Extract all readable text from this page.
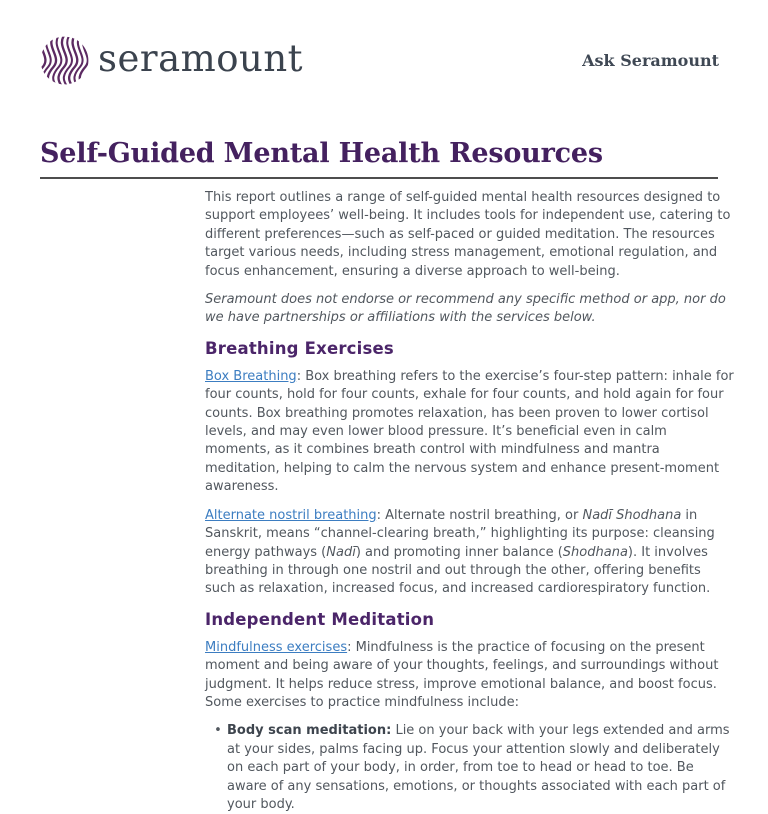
seramount	Ask Seramount
Self-Guided Mental Health Resources

This report outlines a range of self-guided mental health resources designed to support employees’ well-being. It includes tools for independent use, catering to different preferences—such as self-paced or guided meditation. The resources target various needs, including stress management, emotional regulation, and focus enhancement, ensuring a diverse approach to well-being.

Seramount does not endorse or recommend any specific method or app, nor do we have partnerships or affiliations with the services below.

Breathing Exercises

Box Breathing: Box breathing refers to the exercise’s four-step pattern: inhale for four counts, hold for four counts, exhale for four counts, and hold again for four counts. Box breathing promotes relaxation, has been proven to lower cortisol levels, and may even lower blood pressure. It’s beneficial even in calm moments, as it combines breath control with mindfulness and mantra meditation, helping to calm the nervous system and enhance present-moment awareness.

Alternate nostril breathing: Alternate nostril breathing, or Nadī Shodhana in Sanskrit, means “channel-clearing breath,” highlighting its purpose: cleansing energy pathways (Nadī) and promoting inner balance (Shodhana). It involves breathing in through one nostril and out through the other, offering benefits such as relaxation, increased focus, and increased cardiorespiratory function.

Independent Meditation

Mindfulness exercises: Mindfulness is the practice of focusing on the present moment and being aware of your thoughts, feelings, and surroundings without judgment. It helps reduce stress, improve emotional balance, and boost focus. Some exercises to practice mindfulness include:

• Body scan meditation: Lie on your back with your legs extended and arms at your sides, palms facing up. Focus your attention slowly and deliberately on each part of your body, in order, from toe to head or head to toe. Be aware of any sensations, emotions, or thoughts associated with each part of your body.
